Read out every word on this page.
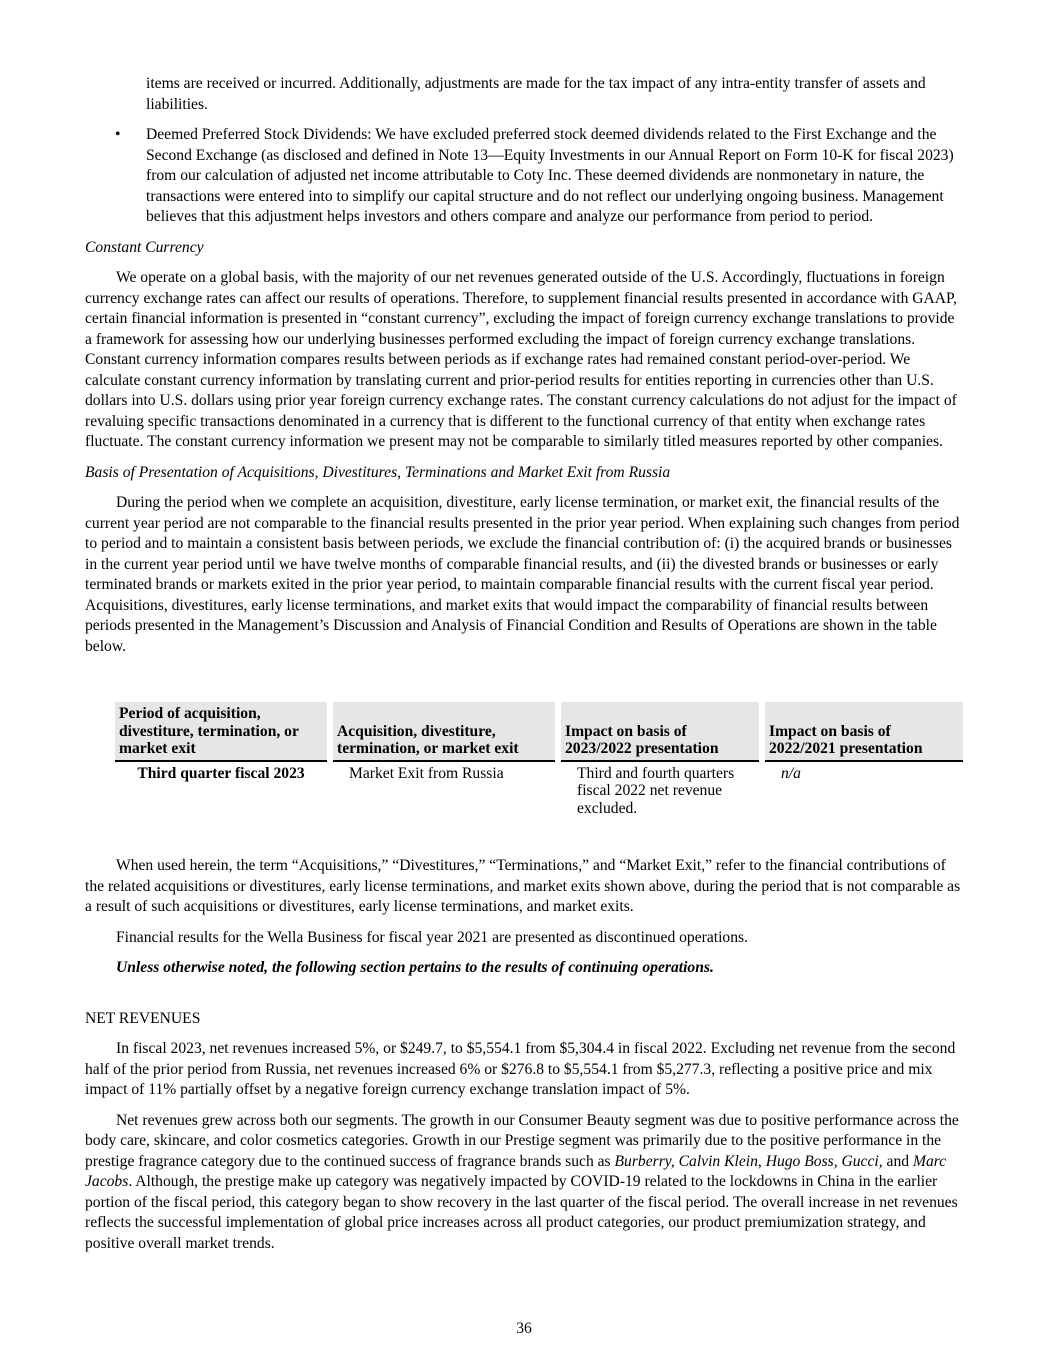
items are received or incurred. Additionally, adjustments are made for the tax impact of any intra-entity transfer of assets and liabilities.

• Deemed Preferred Stock Dividends: We have excluded preferred stock deemed dividends related to the First Exchange and the Second Exchange (as disclosed and defined in Note 13—Equity Investments in our Annual Report on Form 10-K for fiscal 2023) from our calculation of adjusted net income attributable to Coty Inc. These deemed dividends are nonmonetary in nature, the transactions were entered into to simplify our capital structure and do not reflect our underlying ongoing business. Management believes that this adjustment helps investors and others compare and analyze our performance from period to period.

Constant Currency

We operate on a global basis, with the majority of our net revenues generated outside of the U.S. Accordingly, fluctuations in foreign currency exchange rates can affect our results of operations. Therefore, to supplement financial results presented in accordance with GAAP, certain financial information is presented in “constant currency”, excluding the impact of foreign currency exchange translations to provide a framework for assessing how our underlying businesses performed excluding the impact of foreign currency exchange translations. Constant currency information compares results between periods as if exchange rates had remained constant period-over-period. We calculate constant currency information by translating current and prior-period results for entities reporting in currencies other than U.S. dollars into U.S. dollars using prior year foreign currency exchange rates. The constant currency calculations do not adjust for the impact of revaluing specific transactions denominated in a currency that is different to the functional currency of that entity when exchange rates fluctuate. The constant currency information we present may not be comparable to similarly titled measures reported by other companies.

Basis of Presentation of Acquisitions, Divestitures, Terminations and Market Exit from Russia

During the period when we complete an acquisition, divestiture, early license termination, or market exit, the financial results of the current year period are not comparable to the financial results presented in the prior year period. When explaining such changes from period to period and to maintain a consistent basis between periods, we exclude the financial contribution of: (i) the acquired brands or businesses in the current year period until we have twelve months of comparable financial results, and (ii) the divested brands or businesses or early terminated brands or markets exited in the prior year period, to maintain comparable financial results with the current fiscal year period. Acquisitions, divestitures, early license terminations, and market exits that would impact the comparability of financial results between periods presented in the Management’s Discussion and Analysis of Financial Condition and Results of Operations are shown in the table below.

Period of acquisition, divestiture, termination, or market exit		Acquisition, divestiture, termination, or market exit		Impact on basis of 2023/2022 presentation		Impact on basis of 2022/2021 presentation
Third quarter fiscal 2023		Market Exit from Russia		Third and fourth quarters fiscal 2022 net revenue excluded.		n/a

When used herein, the term “Acquisitions,” “Divestitures,” “Terminations,” and “Market Exit,” refer to the financial contributions of the related acquisitions or divestitures, early license terminations, and market exits shown above, during the period that is not comparable as a result of such acquisitions or divestitures, early license terminations, and market exits.

Financial results for the Wella Business for fiscal year 2021 are presented as discontinued operations.

Unless otherwise noted, the following section pertains to the results of continuing operations.

NET REVENUES

In fiscal 2023, net revenues increased 5%, or $249.7, to $5,554.1 from $5,304.4 in fiscal 2022. Excluding net revenue from the second half of the prior period from Russia, net revenues increased 6% or $276.8 to $5,554.1 from $5,277.3, reflecting a positive price and mix impact of 11% partially offset by a negative foreign currency exchange translation impact of 5%.

Net revenues grew across both our segments. The growth in our Consumer Beauty segment was due to positive performance across the body care, skincare, and color cosmetics categories. Growth in our Prestige segment was primarily due to the positive performance in the prestige fragrance category due to the continued success of fragrance brands such as Burberry, Calvin Klein, Hugo Boss, Gucci, and Marc Jacobs. Although, the prestige make up category was negatively impacted by COVID-19 related to the lockdowns in China in the earlier portion of the fiscal period, this category began to show recovery in the last quarter of the fiscal period. The overall increase in net revenues reflects the successful implementation of global price increases across all product categories, our product premiumization strategy, and positive overall market trends.

36
